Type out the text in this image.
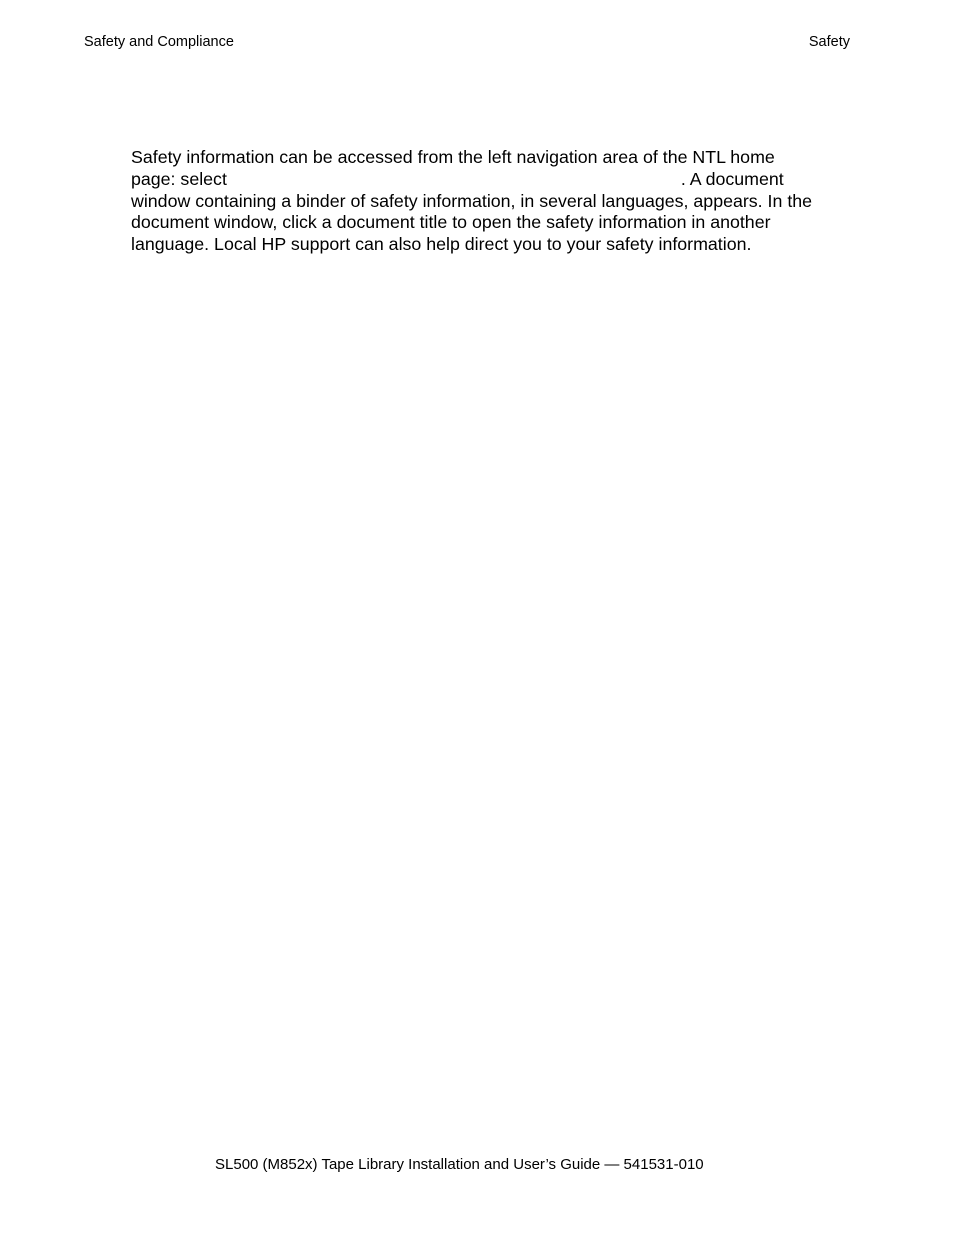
Safety and Compliance	Safety
Safety information can be accessed from the left navigation area of the NTL home
page: select	. A document
window containing a binder of safety information, in several languages, appears. In the
document window, click a document title to open the safety information in another
language. Local HP support can also help direct you to your safety information.
SL500 (M852x) Tape Library Installation and User’s Guide — 541531-010
